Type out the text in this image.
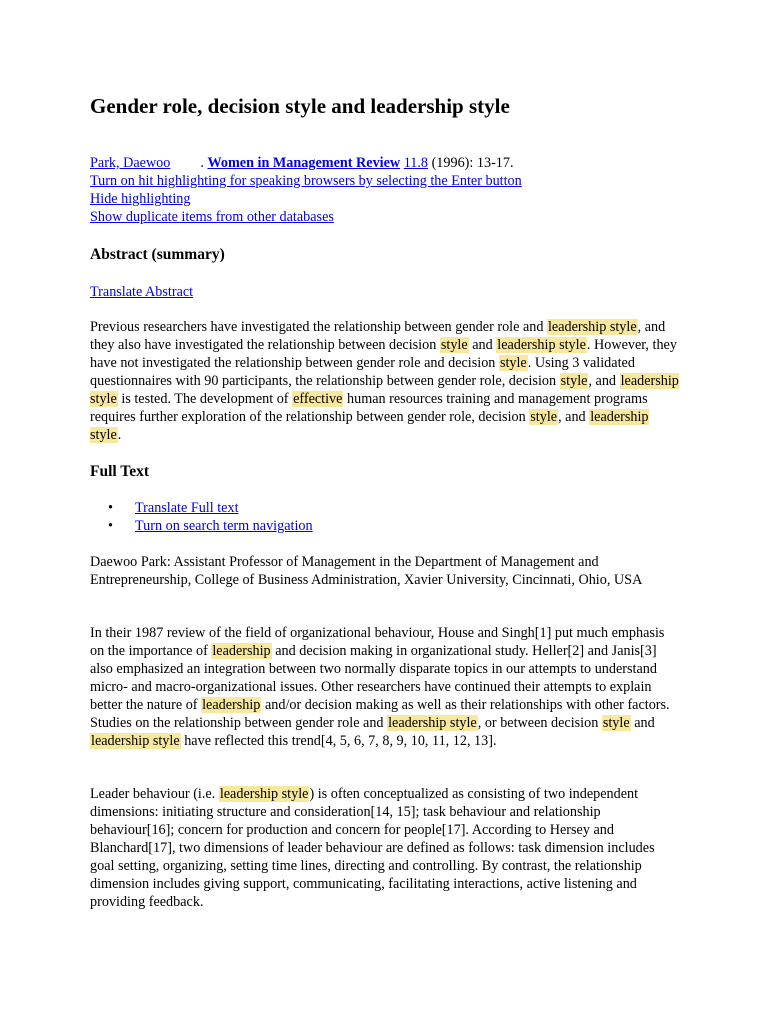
Gender role, decision style and leadership style
Park, Daewoo . Women in Management Review 11.8 (1996): 13-17.
Turn on hit highlighting for speaking browsers by selecting the Enter button
Hide highlighting
Show duplicate items from other databases
Abstract (summary)
Translate Abstract

Previous researchers have investigated the relationship between gender role and leadership style, and they also have investigated the relationship between decision style and leadership style. However, they have not investigated the relationship between gender role and decision style. Using 3 validated questionnaires with 90 participants, the relationship between gender role, decision style, and leadership style is tested. The development of effective human resources training and management programs requires further exploration of the relationship between gender role, decision style, and leadership style.

Full Text
• Translate Full text
• Turn on search term navigation

Daewoo Park: Assistant Professor of Management in the Department of Management and Entrepreneurship, College of Business Administration, Xavier University, Cincinnati, Ohio, USA

In their 1987 review of the field of organizational behaviour, House and Singh[1] put much emphasis on the importance of leadership and decision making in organizational study. Heller[2] and Janis[3] also emphasized an integration between two normally disparate topics in our attempts to understand micro- and macro-organizational issues. Other researchers have continued their attempts to explain better the nature of leadership and/or decision making as well as their relationships with other factors. Studies on the relationship between gender role and leadership style, or between decision style and leadership style have reflected this trend[4, 5, 6, 7, 8, 9, 10, 11, 12, 13].

Leader behaviour (i.e. leadership style) is often conceptualized as consisting of two independent dimensions: initiating structure and consideration[14, 15]; task behaviour and relationship behaviour[16]; concern for production and concern for people[17]. According to Hersey and Blanchard[17], two dimensions of leader behaviour are defined as follows: task dimension includes goal setting, organizing, setting time lines, directing and controlling. By contrast, the relationship dimension includes giving support, communicating, facilitating interactions, active listening and providing feedback.
